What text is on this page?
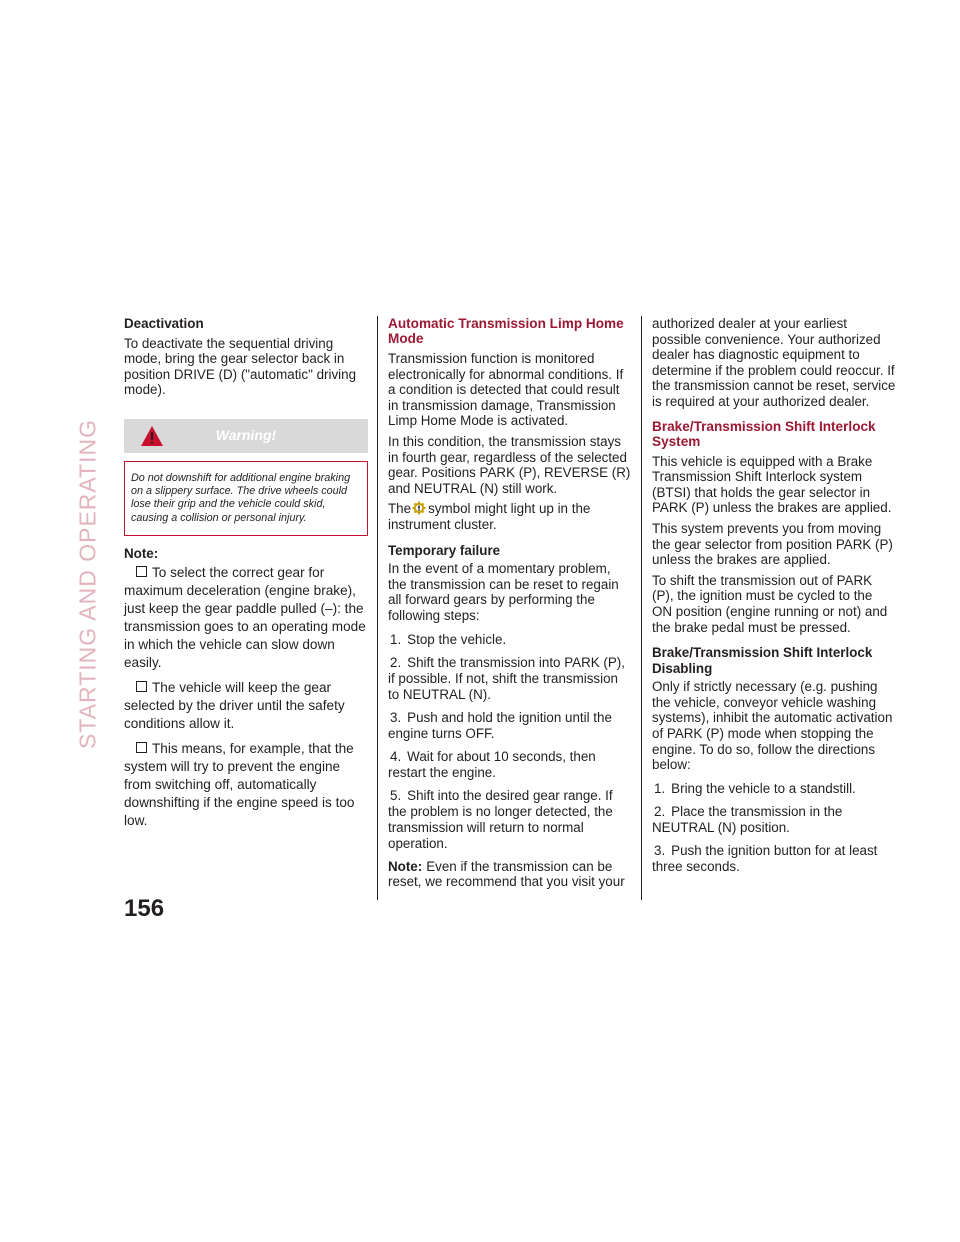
STARTING AND OPERATING

Deactivation

To deactivate the sequential driving mode, bring the gear selector back in position DRIVE (D) ("automatic" driving mode).

Warning!
Do not downshift for additional engine braking on a slippery surface. The drive wheels could lose their grip and the vehicle could skid, causing a collision or personal injury.

Note:

To select the correct gear for maximum deceleration (engine brake), just keep the gear paddle pulled (–): the transmission goes to an operating mode in which the vehicle can slow down easily.

The vehicle will keep the gear selected by the driver until the safety conditions allow it.

This means, for example, that the system will try to prevent the engine from switching off, automatically downshifting if the engine speed is too low.

Automatic Transmission Limp Home Mode

Transmission function is monitored electronically for abnormal conditions. If a condition is detected that could result in transmission damage, Transmission Limp Home Mode is activated.

In this condition, the transmission stays in fourth gear, regardless of the selected gear. Positions PARK (P), REVERSE (R) and NEUTRAL (N) still work.

The symbol might light up in the instrument cluster.

Temporary failure

In the event of a momentary problem, the transmission can be reset to regain all forward gears by performing the following steps:

1. Stop the vehicle.

2. Shift the transmission into PARK (P), if possible. If not, shift the transmission to NEUTRAL (N).

3. Push and hold the ignition until the engine turns OFF.

4. Wait for about 10 seconds, then restart the engine.

5. Shift into the desired gear range. If the problem is no longer detected, the transmission will return to normal operation.

Note: Even if the transmission can be reset, we recommend that you visit your

authorized dealer at your earliest possible convenience. Your authorized dealer has diagnostic equipment to determine if the problem could reoccur. If the transmission cannot be reset, service is required at your authorized dealer.

Brake/Transmission Shift Interlock System

This vehicle is equipped with a Brake Transmission Shift Interlock system (BTSI) that holds the gear selector in PARK (P) unless the brakes are applied.

This system prevents you from moving the gear selector from position PARK (P) unless the brakes are applied.

To shift the transmission out of PARK (P), the ignition must be cycled to the ON position (engine running or not) and the brake pedal must be pressed.

Brake/Transmission Shift Interlock Disabling

Only if strictly necessary (e.g. pushing the vehicle, conveyor vehicle washing systems), inhibit the automatic activation of PARK (P) mode when stopping the engine. To do so, follow the directions below:

1. Bring the vehicle to a standstill.

2. Place the transmission in the NEUTRAL (N) position.

3. Push the ignition button for at least three seconds.

156
